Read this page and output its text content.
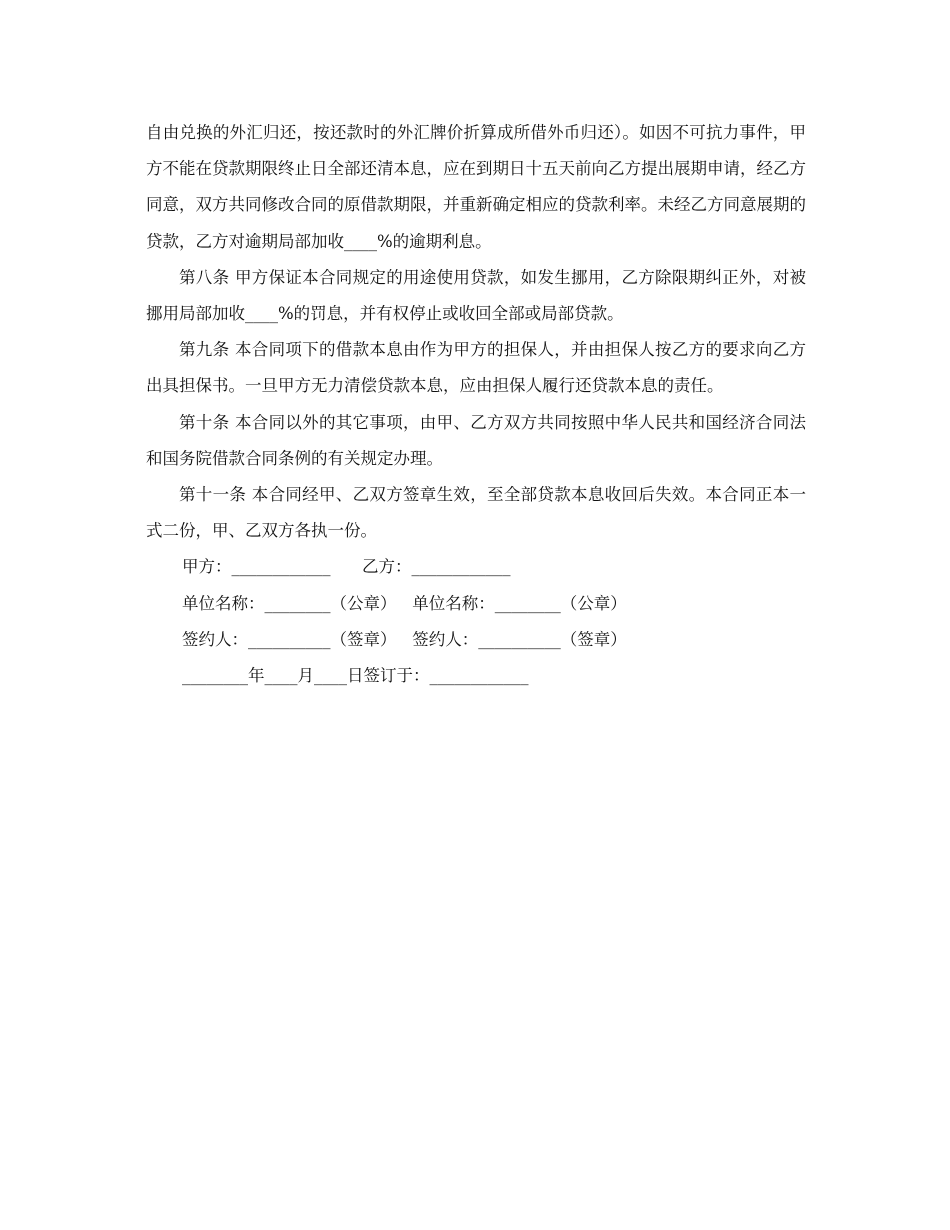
自由兑换的外汇归还，按还款时的外汇牌价折算成所借外币归还）。如因不可抗力事件，甲方不能在贷款期限终止日全部还清本息，应在到期日十五天前向乙方提出展期申请，经乙方同意，双方共同修改合同的原借款期限，并重新确定相应的贷款利率。未经乙方同意展期的贷款，乙方对逾期局部加收____%的逾期利息。

第八条 甲方保证本合同规定的用途使用贷款，如发生挪用，乙方除限期纠正外，对被挪用局部加收____%的罚息，并有权停止或收回全部或局部贷款。

第九条 本合同项下的借款本息由作为甲方的担保人，并由担保人按乙方的要求向乙方出具担保书。一旦甲方无力清偿贷款本息，应由担保人履行还贷款本息的责任。

第十条 本合同以外的其它事项，由甲、乙方双方共同按照中华人民共和国经济合同法和国务院借款合同条例的有关规定办理。

第十一条 本合同经甲、乙双方签章生效，至全部贷款本息收回后失效。本合同正本一式二份，甲、乙双方各执一份。

甲方：____________      乙方：____________

单位名称：________（公章）   单位名称：________（公章）

签约人：__________（签章）   签约人：__________（签章）

________年____月____日签订于：____________
